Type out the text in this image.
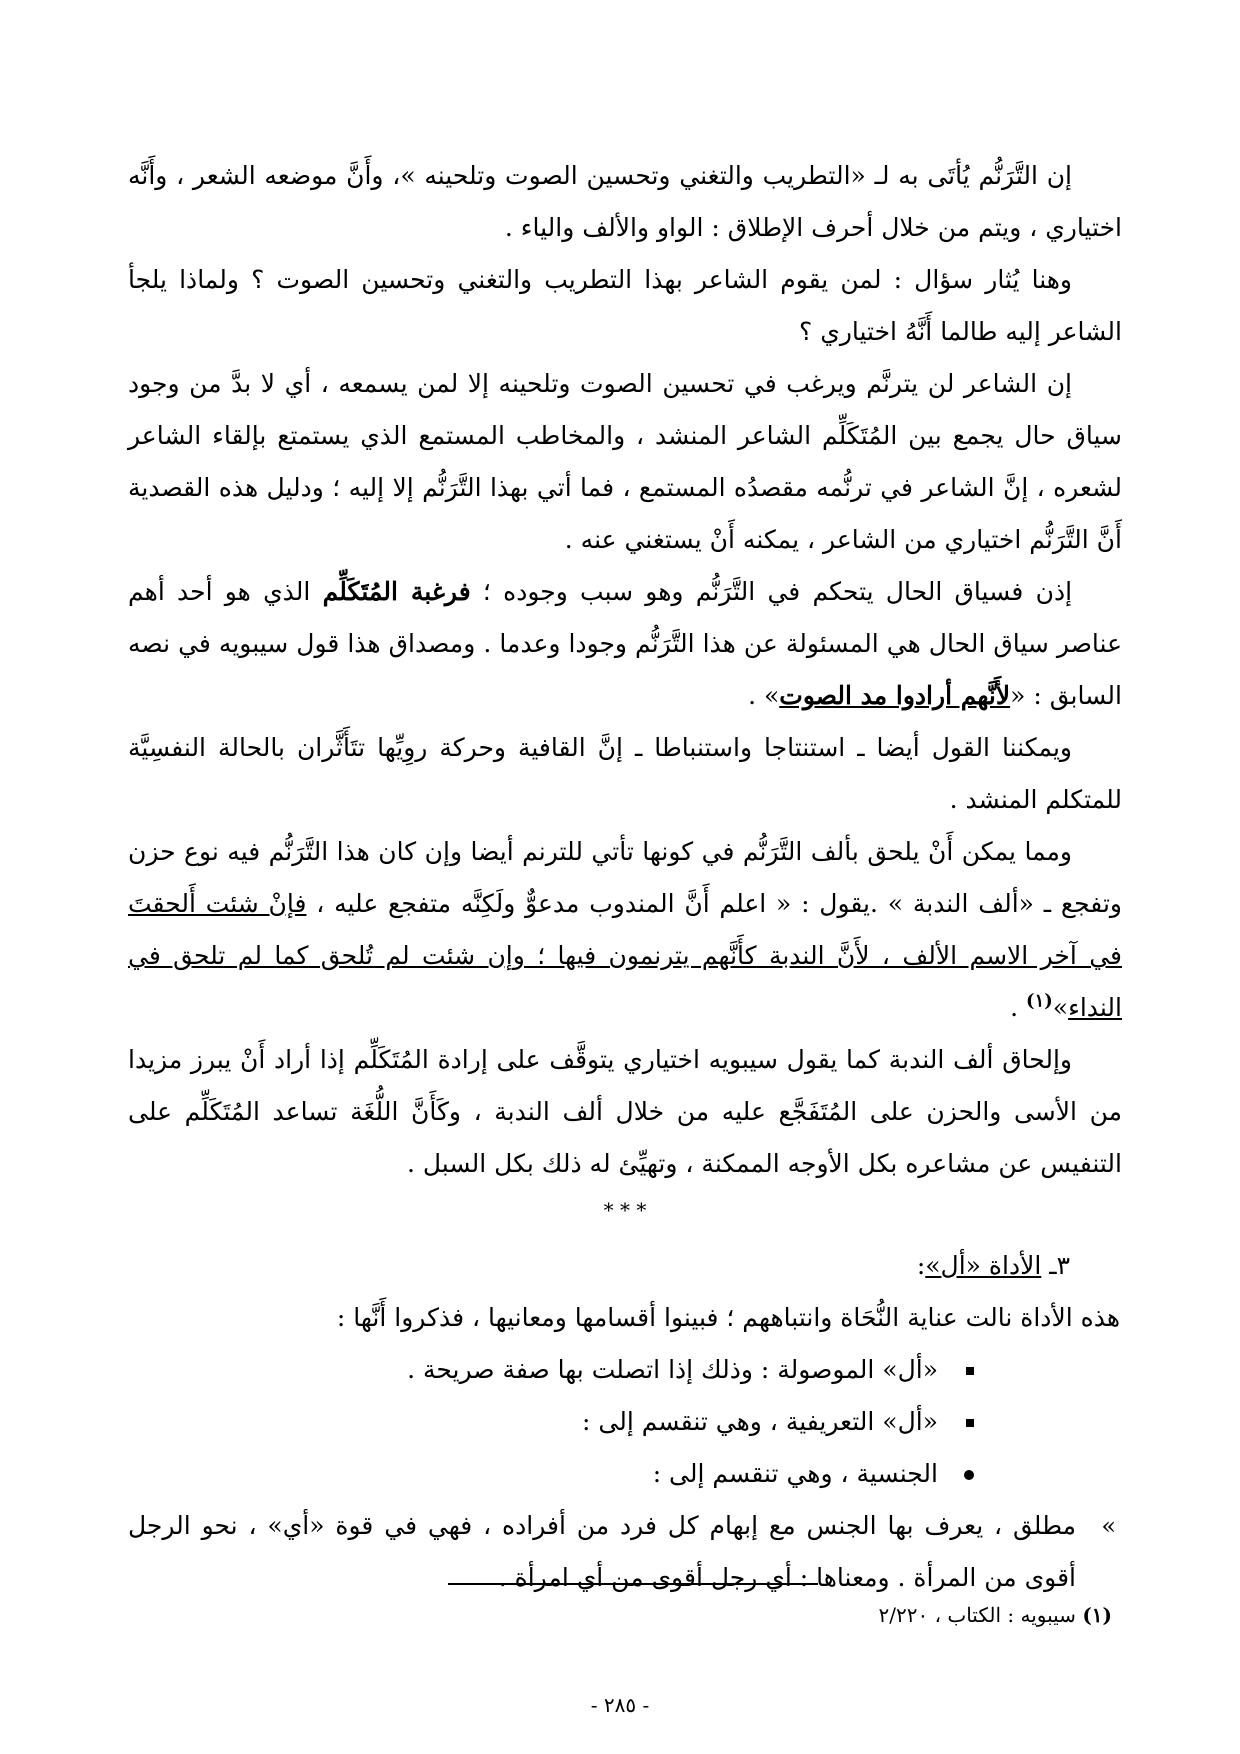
إن التَّرَنُّم يُأتَى به لـ «التطريب والتغني وتحسين الصوت وتلحينه »، وأَنَّ موضعه الشعر ، وأَنَّه اختياري ، ويتم من خلال أحرف الإطلاق : الواو والألف والياء .

وهنا يُثار سؤال : لمن يقوم الشاعر بهذا التطريب والتغني وتحسين الصوت ؟ ولماذا يلجأ الشاعر إليه طالما أَنَّهُ اختياري ؟

إن الشاعر لن يترنَّم ويرغب في تحسين الصوت وتلحينه إلا لمن يسمعه ، أي لا بدَّ من وجود سياق حال يجمع بين المُتَكَلِّم الشاعر المنشد ، والمخاطب المستمع الذي يستمتع بإلقاء الشاعر لشعره ، إنَّ الشاعر في ترنُّمه مقصدُه المستمع ، فما أتي بهذا التَّرَنُّم إلا إليه ؛ ودليل هذه القصدية أَنَّ التَّرَنُّم اختياري من الشاعر ، يمكنه أَنْ يستغني عنه .

إذن فسياق الحال يتحكم في التَّرَنُّم وهو سبب وجوده ؛ فرغبة المُتَكَلِّم الذي هو أحد أهم عناصر سياق الحال هي المسئولة عن هذا التَّرَنُّم وجودا وعدما . ومصداق هذا قول سيبويه في نصه السابق : «لأَنَّهم أرادوا مد الصوت» .

ويمكننا القول أيضا ـ استنتاجا واستنباطا ـ إنَّ القافية وحركة روِيِّها تتَأَثَّران بالحالة النفسِيَّة للمتكلم المنشد .

ومما يمكن أَنْ يلحق بألف التَّرَنُّم في كونها تأتي للترنم أيضا وإن كان هذا التَّرَنُّم فيه نوع حزن وتفجع ـ «ألف الندبة » .يقول : « اعلم أَنَّ المندوب مدعوٌّ ولَكِنَّه متفجع عليه ، فإنْ شئت أَلحقتَ في آخر الاسم الألف ، لأَنَّ الندبة كأَنَّهم يترنمون فيها ؛ وإن شئت لم تُلحق كما لم تلحق في النداء»$^{(١)}$ .

وإلحاق ألف الندبة كما يقول سيبويه اختياري يتوقَّف على إرادة المُتَكَلِّم إذا أراد أَنْ يبرز مزيدا من الأسى والحزن على المُتَفَجَّع عليه من خلال ألف الندبة ، وكَأَنَّ اللُّغَة تساعد المُتَكَلِّم على التنفيس عن مشاعره بكل الأوجه الممكنة ، وتهيِّئ له ذلك بكل السبل .

* * *

٣ـ الأداة «أل»:

هذه الأداة نالت عناية النُّحَاة وانتباههم ؛ فبينوا أقسامها ومعانيها ، فذكروا أَنَّها :

«أل» الموصولة : وذلك إذا اتصلت بها صفة صريحة .
«أل» التعريفية ، وهي تنقسم إلى :
الجنسية ، وهي تنقسم إلى :
»
مطلق ، يعرف بها الجنس مع إبهام كل فرد من أفراده ، فهي في قوة «أي» ، نحو الرجل أقوى من المرأة . ومعناها : أي رجل أقوى من أي امرأة .
(١) سيبويه : الكتاب ، ٢/٢٢٠
- ٢٨٥ -
